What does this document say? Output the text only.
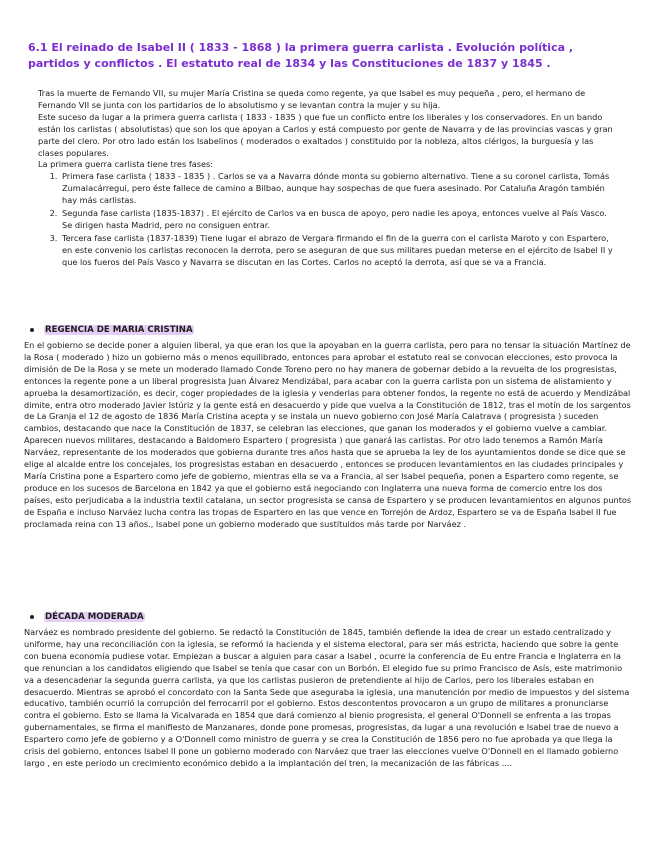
6.1 El reinado de Isabel II ( 1833 - 1868 ) la primera guerra carlista . Evolución política , partidos y conflictos . El estatuto real de 1834 y las Constituciones de 1837 y 1845 .

Tras la muerte de Fernando VII, su mujer María Cristina se queda como regente, ya que Isabel es muy pequeña , pero, el hermano de Fernando VII se junta con los partidarios de lo absolutismo y se levantan contra la mujer y su hija.

Este suceso da lugar a la primera guerra carlista ( 1833 - 1835 ) que fue un conflicto entre los liberales y los conservadores. En un bando están los carlistas ( absolutistas) que son los que apoyan a Carlos y está compuesto por gente de Navarra y de las provincias vascas y gran parte del clero. Por otro lado están los Isabelinos ( moderados o exaltados ) constituido por la nobleza, altos clérigos, la burguesía y las clases populares.

La primera guerra carlista tiene tres fases:

1. Primera fase carlista ( 1833 - 1835 ) . Carlos se va a Navarra dónde monta su gobierno alternativo. Tiene a su coronel carlista, Tomás Zumalacárregui, pero éste fallece de camino a Bilbao, aunque hay sospechas de que fuera asesinado. Por Cataluña Aragón también hay más carlistas.
2. Segunda fase carlista (1835-1837) . El ejército de Carlos va en busca de apoyo, pero nadie les apoya, entonces vuelve al País Vasco. Se dirigen hasta Madrid, pero no consiguen entrar.
3. Tercera fase carlista (1837-1839) Tiene lugar el abrazo de Vergara firmando el fin de la guerra con el carlista Maroto y con Espartero, en este convenio los carlistas reconocen la derrota, pero se aseguran de que sus militares puedan meterse en el ejército de Isabel II y que los fueros del País Vasco y Navarra se discutan en las Cortes. Carlos no aceptó la derrota, así que se va a Francia.
REGENCIA DE MARIA CRISTINA

En el gobierno se decide poner a alguien liberal, ya que eran los que la apoyaban en la guerra carlista, pero para no tensar la situación Martínez de la Rosa ( moderado ) hizo un gobierno más o menos equilibrado, entonces para aprobar el estatuto real se convocan elecciones, esto provoca la dimisión de De la Rosa y se mete un moderado llamado Conde Toreno pero no hay manera de gobernar debido a la revuelta de los progresistas, entonces la regente pone a un liberal progresista Juan Álvarez Mendizábal, para acabar con la guerra carlista pon un sistema de alistamiento y aprueba la desamortización, es decir, coger propiedades de la iglesia y venderlas para obtener fondos, la regente no está de acuerdo y Mendizábal dimite, entra otro moderado Javier Istúriz y la gente está en desacuerdo y pide que vuelva a la Constitución de 1812, tras el motín de los sargentos de La Granja el 12 de agosto de 1836 María Cristina acepta y se instala un nuevo gobierno con José María Calatrava ( progresista ) suceden cambios, destacando que nace la Constitución de 1837, se celebran las elecciones, que ganan los moderados y el gobierno vuelve a cambiar. Aparecen nuevos militares, destacando a Baldomero Espartero ( progresista ) que ganará las carlistas. Por otro lado tenemos a Ramón María Narváez, representante de los moderados que gobierna durante tres años hasta que se aprueba la ley de los ayuntamientos donde se dice que se elige al alcalde entre los concejales, los progresistas estaban en desacuerdo , entonces se producen levantamientos en las ciudades principales y María Cristina pone a Espartero como jefe de gobierno, mientras ella se va a Francia, al ser Isabel pequeña, ponen a Espartero como regente, se produce en los sucesos de Barcelona en 1842 ya que el gobierno está negociando con Inglaterra una nueva forma de comercio entre los dos países, esto perjudicaba a la industria textil catalana, un sector progresista se cansa de Espartero y se producen levantamientos en algunos puntos de España e incluso Narváez lucha contra las tropas de Espartero en las que vence en Torrejón de Ardoz, Espartero se va de España Isabel II fue proclamada reina con 13 años., Isabel pone un gobierno moderado que sustituidos más tarde por Narváez .

DÉCADA MODERADA

Narváez es nombrado presidente del gobierno. Se redactó la Constitución de 1845, también defiende la idea de crear un estado centralizado y uniforme, hay una reconciliación con la iglesia, se reformó la hacienda y el sistema electoral, para ser más estricta, haciendo que sobre la gente con buena economía pudiese votar. Empiezan a buscar a alguien para casar a Isabel , ocurre la conferencia de Eu entre Francia e Inglaterra en la que renuncian a los candidatos eligiendo que Isabel se tenía que casar con un Borbón. El elegido fue su primo Francisco de Asís, este matrimonio va a desencadenar la segunda guerra carlista, ya que los carlistas pusieron de pretendiente al hijo de Carlos, pero los liberales estaban en desacuerdo. Mientras se aprobó el concordato con la Santa Sede que aseguraba la iglesia, una manutención por medio de impuestos y del sistema educativo, también ocurrió la corrupción del ferrocarril por el gobierno. Estos descontentos provocaron a un grupo de militares a pronunciarse contra el gobierno. Esto se llama la Vicalvarada en 1854 que dará comienzo al bienio progresista, el general O'Donnell se enfrenta a las tropas gubernamentales, se firma el manifiesto de Manzanares, donde pone promesas, progresistas, da lugar a una revolución e Isabel trae de nuevo a Espartero como jefe de gobierno y a O'Donnell como ministro de guerra y se crea la Constitución de 1856 pero no fue aprobada ya que llega la crisis del gobierno, entonces Isabel II pone un gobierno moderado con Narváez que traer las elecciones vuelve O'Donnell en el llamado gobierno largo , en este periodo un crecimiento económico debido a la implantación del tren, la mecanización de las fábricas ....
